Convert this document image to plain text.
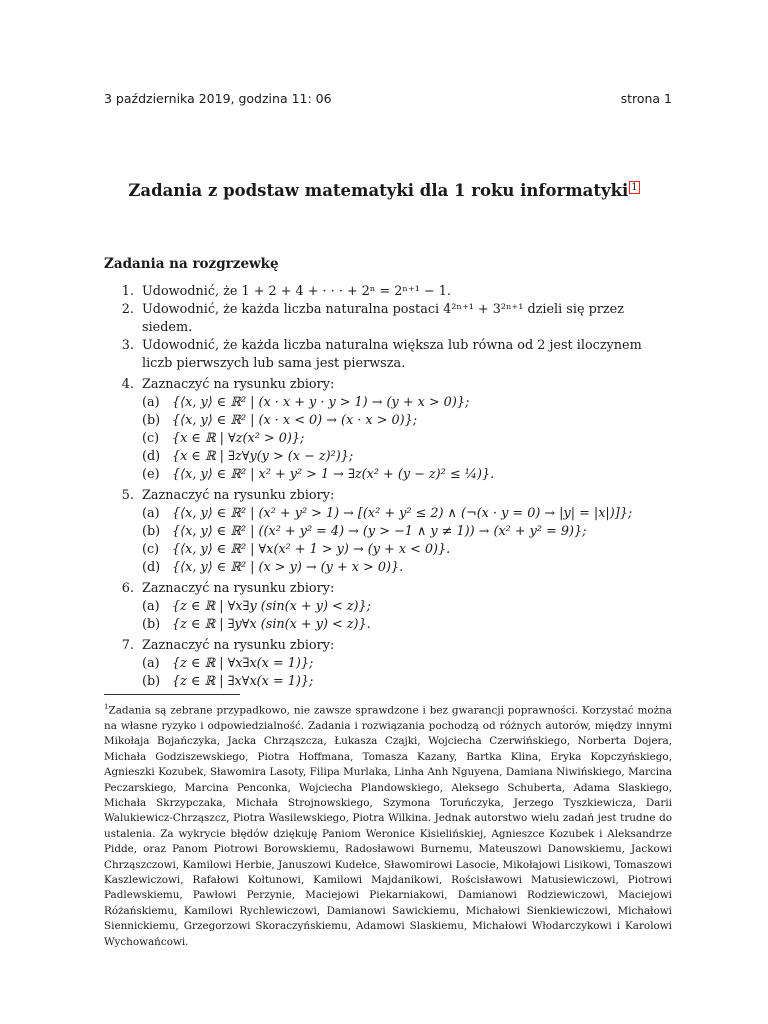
3 października 2019, godzina 11: 06	strona 1
Zadania z podstaw matematyki dla 1 roku informatyki $^1$
Zadania na rozgrzewkę
1. Udowodnić, że 1 + 2 + 4 + · · · + 2ⁿ = 2ⁿ⁺¹ − 1.
2. Udowodnić, że każda liczba naturalna postaci 4²ⁿ⁺¹ + 3²ⁿ⁺¹ dzieli się przez siedem.
3. Udowodnić, że każda liczba naturalna większa lub równa od 2 jest iloczynem liczb pierwszych lub sama jest pierwsza.
4. Zaznaczyć na rysunku zbiory:
(a) {⟨x, y⟩ ∈ ℝ² | (x · x + y · y > 1) → (y + x > 0)};
(b) {⟨x, y⟩ ∈ ℝ² | (x · x < 0) → (x · x > 0)};
(c)	{x ∈ ℝ | ∀z(x² > 0)};
(d) {x ∈ ℝ | ∃z∀y(y > (x − z)²)};
(e) {⟨x, y⟩ ∈ ℝ² | x² + y² > 1 → ∃z(x² + (y − z)² ≤ ¼)}.
5. Zaznaczyć na rysunku zbiory:
(a) {⟨x, y⟩ ∈ ℝ² | (x² + y² > 1) → [(x² + y² ≤ 2) ∧ (¬(x · y = 0) → |y| = |x|)]};
(b) {⟨x, y⟩ ∈ ℝ² | ((x² + y² = 4) → (y > −1 ∧ y ≠ 1)) → (x² + y² = 9)};
(c)	{⟨x, y⟩ ∈ ℝ² | ∀x(x² + 1 > y) → (y + x < 0)}.
(d) {⟨x, y⟩ ∈ ℝ² | (x > y) → (y + x > 0)}.
6. Zaznaczyć na rysunku zbiory:
(a) {z ∈ ℝ | ∀x∃y (sin(x + y) < z)};
(b) {z ∈ ℝ | ∃y∀x (sin(x + y) < z)}.
7. Zaznaczyć na rysunku zbiory:
(a) {z ∈ ℝ | ∀x∃x(x = 1)};
(b) {z ∈ ℝ | ∃x∀x(x = 1)};
$^1$Zadania są zebrane przypadkowo, nie zawsze sprawdzone i bez gwarancji poprawności. Korzystać można na własne ryzyko i odpowiedzialność. Zadania i rozwiązania pochodzą od różnych autorów, między innymi Mikołaja Bojańczyka, Jacka Chrząszcza, Łukasza Czajki, Wojciecha Czerwińskiego, Norberta Dojera, Michała Godziszewskiego, Piotra Hoffmana, Tomasza Kazany, Bartka Klina, Eryka Kopczyńskiego, Agnieszki Kozubek, Sławomira Lasoty, Filipa Murlaka, Linha Anh Nguyena, Damiana Niwińskiego, Marcina Peczarskiego, Marcina Penconka, Wojciecha Plandowskiego, Aleksego Schuberta, Adama Slaskiego, Michała Skrzypczaka, Michała Strojnowskiego, Szymona Toruńczyka, Jerzego Tyszkiewicza, Darii Walukiewicz-Chrząszcz, Piotra Wasilewskiego, Piotra Wilkina. Jednak autorstwo wielu zadań jest trudne do ustalenia. Za wykrycie błędów dziękuję Paniom Weronice Kisielińskiej, Agnieszce Kozubek i Aleksandrze Pidde, oraz Panom Piotrowi Borowskiemu, Radosławowi Burnemu, Mateuszowi Danowskiemu, Jackowi Chrząszczowi, Kamilowi Herbie, Januszowi Kudełce, Sławomirowi Lasocie, Mikołajowi Lisikowi, Tomaszowi Kaszlewiczowi, Rafałowi Kołtunowi, Kamilowi Majdanikowi, Rościsławowi Matusiewiczowi, Piotrowi Padlewskiemu, Pawłowi Perzynie, Maciejowi Piekarniakowi, Damianowi Rodziewiczowi, Maciejowi Różańskiemu, Kamilowi Rychlewiczowi, Damianowi Sawickiemu, Michałowi Sienkiewiczowi, Michałowi Siennickiemu, Grzegorzowi Skoraczyńskiemu, Adamowi Slaskiemu, Michałowi Włodarczykowi i Karolowi Wychowańcowi.
